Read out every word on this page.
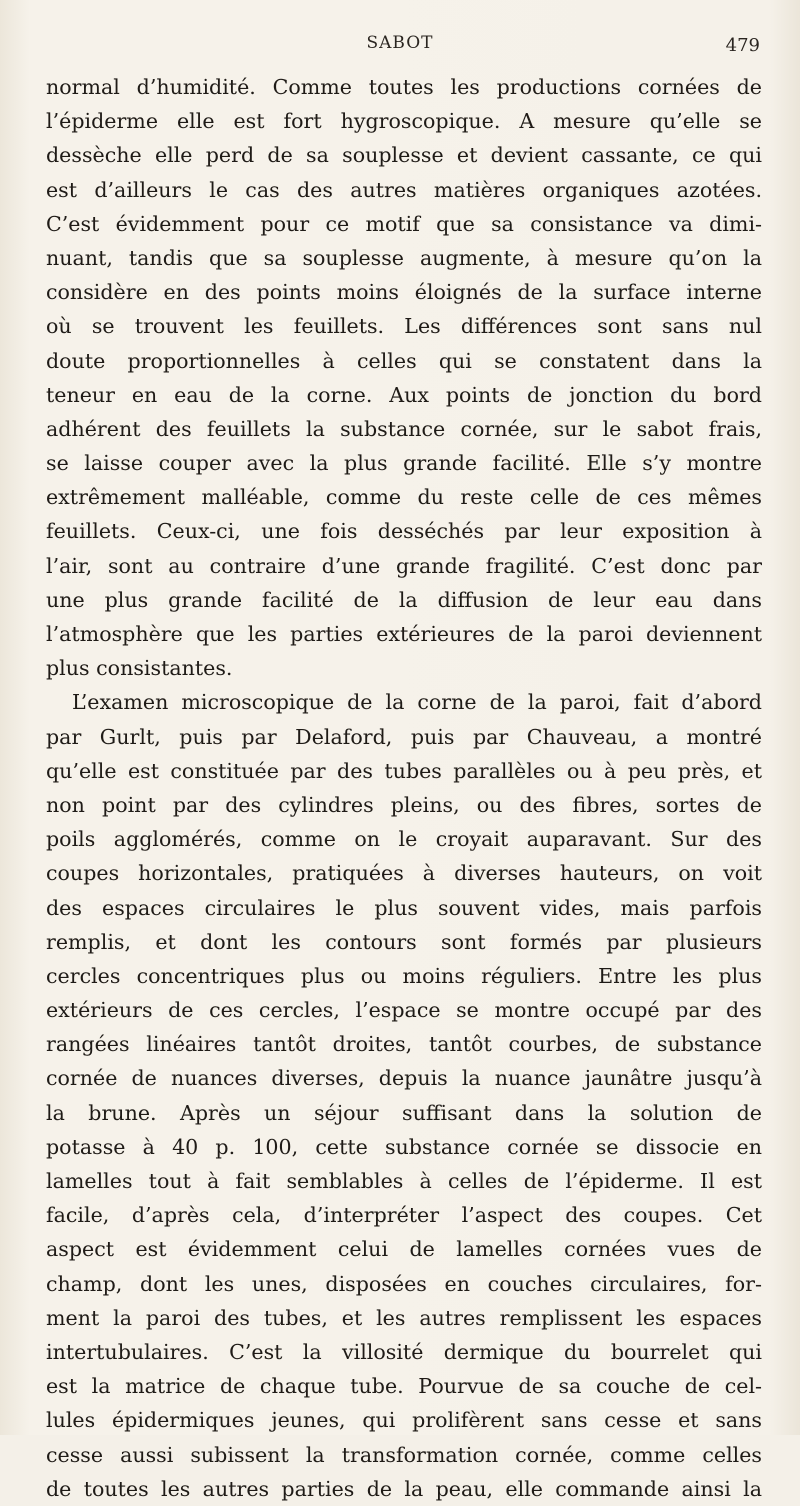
SABOT	479
normal d’humidité. Comme toutes les productions cornées de
l’épiderme elle est fort hygroscopique. A mesure qu’elle se
dessèche elle perd de sa souplesse et devient cassante, ce qui
est d’ailleurs le cas des autres matières organiques azotées.
C’est évidemment pour ce motif que sa consistance va dimi-
nuant, tandis que sa souplesse augmente, à mesure qu’on la
considère en des points moins éloignés de la surface interne
où se trouvent les feuillets. Les différences sont sans nul
doute proportionnelles à celles qui se constatent dans la
teneur en eau de la corne. Aux points de jonction du bord
adhérent des feuillets la substance cornée, sur le sabot frais,
se laisse couper avec la plus grande facilité. Elle s’y montre
extrêmement malléable, comme du reste celle de ces mêmes
feuillets. Ceux-ci, une fois desséchés par leur exposition à
l’air, sont au contraire d’une grande fragilité. C’est donc par
une plus grande facilité de la diffusion de leur eau dans
l’atmosphère que les parties extérieures de la paroi deviennent
plus consistantes.
L’examen microscopique de la corne de la paroi, fait d’abord
par Gurlt, puis par Delaford, puis par Chauveau, a montré
qu’elle est constituée par des tubes parallèles ou à peu près, et
non point par des cylindres pleins, ou des fibres, sortes de
poils agglomérés, comme on le croyait auparavant. Sur des
coupes horizontales, pratiquées à diverses hauteurs, on voit
des espaces circulaires le plus souvent vides, mais parfois
remplis, et dont les contours sont formés par plusieurs
cercles concentriques plus ou moins réguliers. Entre les plus
extérieurs de ces cercles, l’espace se montre occupé par des
rangées linéaires tantôt droites, tantôt courbes, de substance
cornée de nuances diverses, depuis la nuance jaunâtre jusqu’à
la brune. Après un séjour suffisant dans la solution de
potasse à 40 p. 100, cette substance cornée se dissocie en
lamelles tout à fait semblables à celles de l’épiderme. Il est
facile, d’après cela, d’interpréter l’aspect des coupes. Cet
aspect est évidemment celui de lamelles cornées vues de
champ, dont les unes, disposées en couches circulaires, for-
ment la paroi des tubes, et les autres remplissent les espaces
intertubulaires. C’est la villosité dermique du bourrelet qui
est la matrice de chaque tube. Pourvue de sa couche de cel-
lules épidermiques jeunes, qui prolifèrent sans cesse et sans
cesse aussi subissent la transformation cornée, comme celles
de toutes les autres parties de la peau, elle commande ainsi la
